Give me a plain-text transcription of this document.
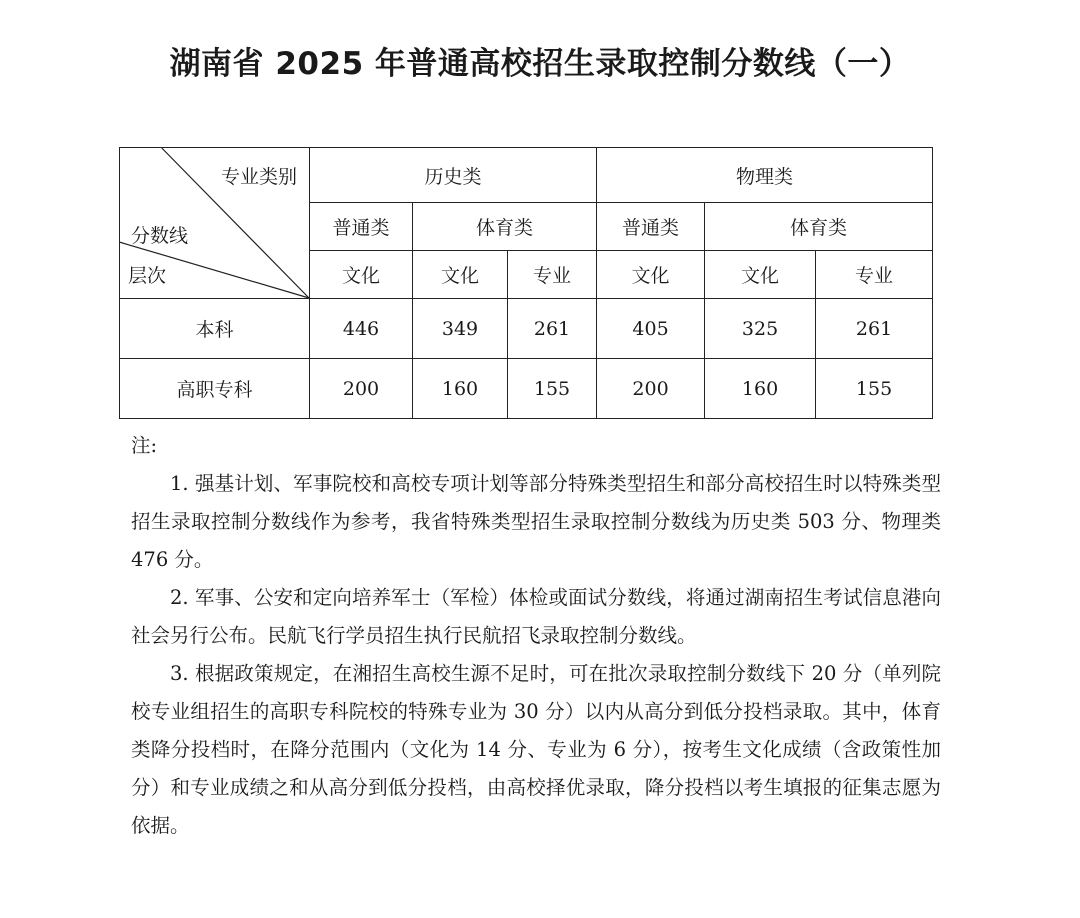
湖南省 2025 年普通高校招生录取控制分数线（一）
专业类别
分数线
层次	历史类			物理类		
	普通类	体育类		普通类	体育类	
	文化	文化	专业	文化	文化	专业
本科	446	349	261	405	325	261
高职专科	200	160	155	200	160	155
注:

1. 强基计划、军事院校和高校专项计划等部分特殊类型招生和部分高校招生时以特殊类型招生录取控制分数线作为参考，我省特殊类型招生录取控制分数线为历史类 503 分、物理类 476 分。

2. 军事、公安和定向培养军士（军检）体检或面试分数线，将通过湖南招生考试信息港向社会另行公布。民航飞行学员招生执行民航招飞录取控制分数线。

3. 根据政策规定，在湘招生高校生源不足时，可在批次录取控制分数线下 20 分（单列院校专业组招生的高职专科院校的特殊专业为 30 分）以内从高分到低分投档录取。其中，体育类降分投档时，在降分范围内（文化为 14 分、专业为 6 分），按考生文化成绩（含政策性加分）和专业成绩之和从高分到低分投档，由高校择优录取，降分投档以考生填报的征集志愿为依据。
